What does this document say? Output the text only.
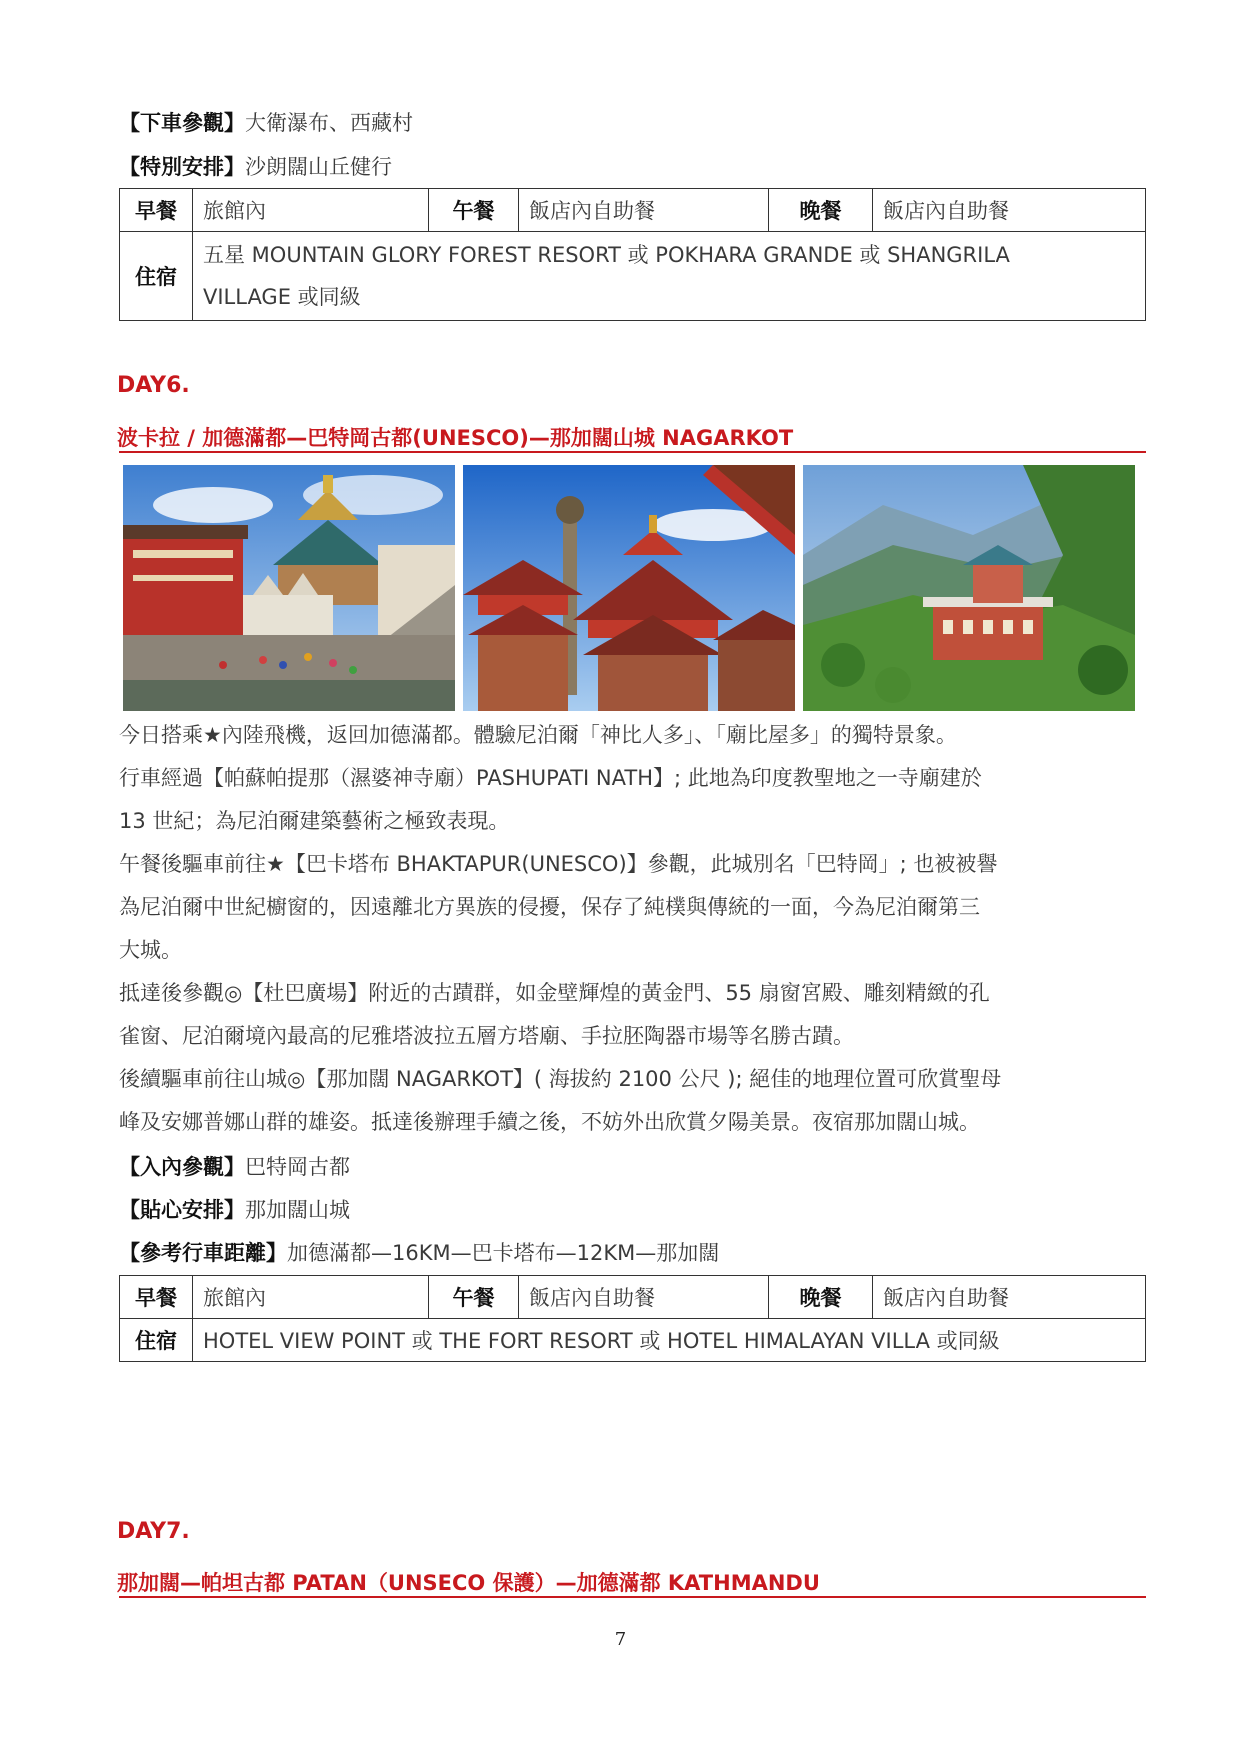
【下車參觀】大衛瀑布、西藏村
【特別安排】沙朗闊山丘健行
早餐	旅館內	午餐	飯店內自助餐	晚餐	飯店內自助餐
住宿	五星 MOUNTAIN GLORY FOREST RESORT 或 POKHARA GRANDE 或 SHANGRILA
VILLAGE 或同級				
DAY6.
波卡拉 / 加德滿都—巴特岡古都(UNESCO)—那加闊山城 NAGARKOT

今日搭乘★內陸飛機，返回加德滿都。體驗尼泊爾「神比人多」、「廟比屋多」的獨特景象。

行車經過【帕蘇帕提那（濕婆神寺廟）PASHUPATI NATH】; 此地為印度教聖地之一寺廟建於

13 世紀；為尼泊爾建築藝術之極致表現。

午餐後驅車前往★【巴卡塔布 BHAKTAPUR(UNESCO)】參觀，此城別名「巴特岡」; 也被被譽

為尼泊爾中世紀櫥窗的，因遠離北方異族的侵擾，保存了純樸與傳統的一面，今為尼泊爾第三

大城。

抵達後參觀◎【杜巴廣場】附近的古蹟群，如金壁輝煌的黃金門、55 扇窗宮殿、雕刻精緻的孔

雀窗、尼泊爾境內最高的尼雅塔波拉五層方塔廟、手拉胚陶器市場等名勝古蹟。

後續驅車前往山城◎【那加闊 NAGARKOT】( 海拔約 2100 公尺 ); 絕佳的地理位置可欣賞聖母

峰及安娜普娜山群的雄姿。抵達後辦理手續之後，不妨外出欣賞夕陽美景。夜宿那加闊山城。

【入內參觀】巴特岡古都
【貼心安排】那加闊山城
【參考行車距離】加德滿都—16KM—巴卡塔布—12KM—那加闊
早餐	旅館內	午餐	飯店內自助餐	晚餐	飯店內自助餐
住宿	HOTEL VIEW POINT 或 THE FORT RESORT 或 HOTEL HIMALAYAN VILLA 或同級				
DAY7.
那加闊—帕坦古都 PATAN（UNSECO 保護）—加德滿都 KATHMANDU
7
